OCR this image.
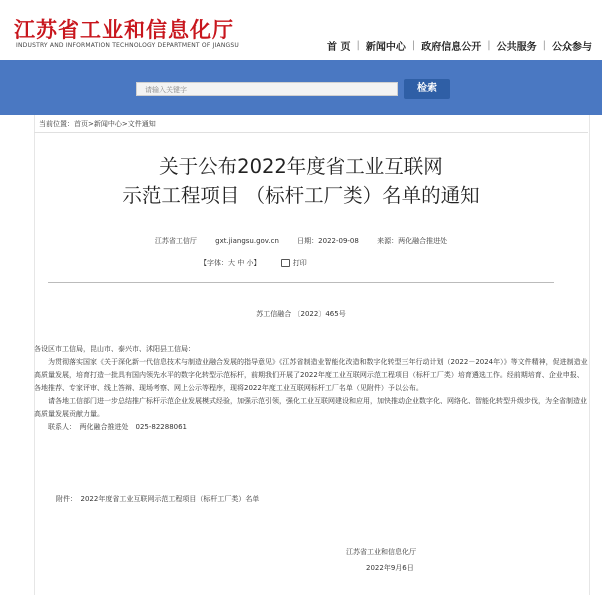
江苏省工业和信息化厅
INDUSTRY AND INFORMATION TECHNOLOGY DEPARTMENT OF JIANGSU	首 页 | 新闻中心 | 政府信息公开 | 公共服务 | 公众参与
请输入关键字	检索
当前位置：首页>新闻中心>文件通知
关于公布2022年度省工业互联网
示范工程项目 （标杆工厂类）名单的通知
江苏省工信厅	gxt.jiangsu.gov.cn	日期：2022-09-08	来源：两化融合推进处
【字体：大 中 小】	打印
苏工信融合 〔2022〕465号

各设区市工信局，昆山市、泰兴市、沭阳县工信局：

为贯彻落实国家《关于深化新一代信息技术与制造业融合发展的指导意见》《江苏省制造业智能化改造和数字化转型三年行动计划（2022－2024年）》等文件精神，促进制造业高质量发展，培育打造一批具有国内领先水平的数字化转型示范标杆，前期我们开展了2022年度工业互联网示范工程项目（标杆工厂类）培育遴选工作。经前期培育、企业申报、各地推荐、专家评审、线上答辩、现场考察、网上公示等程序，现将2022年度工业互联网标杆工厂名单（见附件）予以公布。

请各地工信部门进一步总结推广标杆示范企业发展模式经验，加强示范引领，强化工业互联网建设和应用，加快推动企业数字化、网络化、智能化转型升级步伐，为全省制造业高质量发展贡献力量。

联系人：　两化融合推进处　025-82288061

附件：　2022年度省工业互联网示范工程项目（标杆工厂类）名单
江苏省工业和信息化厅
2022年9月6日
